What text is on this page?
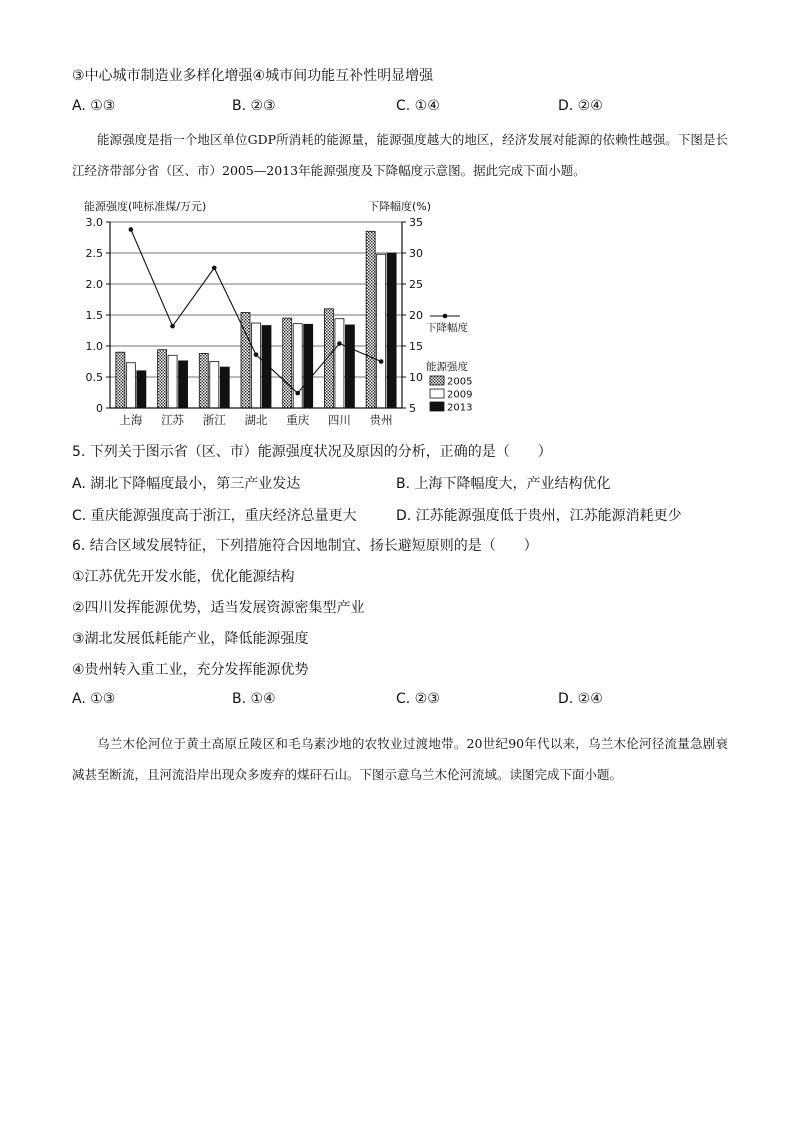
③中心城市制造业多样化增强④城市间功能互补性明显增强
A. ①③	B. ②③	C. ①④	D. ②④

能源强度是指一个地区单位GDP所消耗的能源量，能源强度越大的地区，经济发展对能源的依赖性越强。下图是长江经济带部分省（区、市）2005—2013年能源强度及下降幅度示意图。据此完成下面小题。

能源强度(吨标准煤/万元)	下降幅度(%)
0
0.5
1.0
1.5
2.0
2.5
3.0
5
10
15
20
25
30
35
上海 江苏 浙江 湖北 重庆 四川 贵州
下降幅度
能源强度
2005
2009
2013
5. 下列关于图示省（区、市）能源强度状况及原因的分析，正确的是（　　）
A. 湖北下降幅度最小，第三产业发达	B. 上海下降幅度大，产业结构优化
C. 重庆能源强度高于浙江，重庆经济总量更大	D. 江苏能源强度低于贵州，江苏能源消耗更少
6. 结合区域发展特征，下列措施符合因地制宜、扬长避短原则的是（　　）
①江苏优先开发水能，优化能源结构
②四川发挥能源优势，适当发展资源密集型产业
③湖北发展低耗能产业，降低能源强度
④贵州转入重工业，充分发挥能源优势
A. ①③	B. ①④	C. ②③	D. ②④

乌兰木伦河位于黄土高原丘陵区和毛乌素沙地的农牧业过渡地带。20世纪90年代以来，乌兰木伦河径流量急剧衰减甚至断流，且河流沿岸出现众多废弃的煤矸石山。下图示意乌兰木伦河流域。读图完成下面小题。
